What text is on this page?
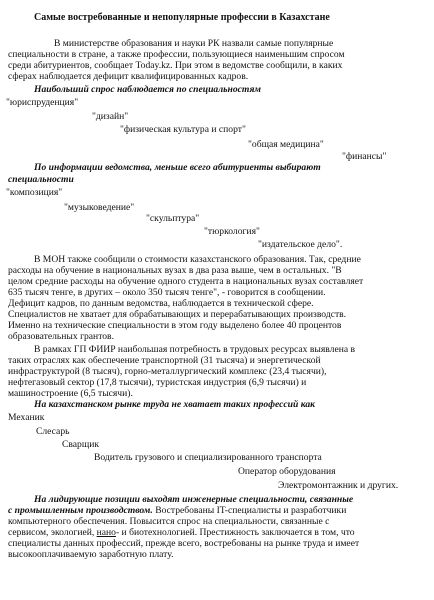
Самые востребованные и непопулярные профессии в Казахстане
В министерстве образования и науки РК назвали самые популярные
специальности в стране, а также профессии, пользующиеся наименьшим спросом
среди абитуриентов, сообщает Today.kz. При этом в ведомстве сообщили, в каких
сферах наблюдается дефицит квалифицированных кадров.
Наибольший спрос наблюдается по специальностям
"юриспруденция"
"дизайн"
"физическая культура и спорт"
"общая медицина"
"финансы"
По информации ведомства, меньше всего абитуриенты выбирают
специальности
"композиция"
"музыковедение"
"скульптура"
"тюркология"
"издательское дело".
В МОН также сообщили о стоимости казахстанского образования. Так, средние
расходы на обучение в национальных вузах в два раза выше, чем в остальных. "В
целом средние расходы на обучение одного студента в национальных вузах составляет
635 тысяч тенге, в других – около 350 тысяч тенге", - говорится в сообщении.
Дефицит кадров, по данным ведомства, наблюдается в технической сфере.
Специалистов не хватает для обрабатывающих и перерабатывающих производств.
Именно на технические специальности в этом году выделено более 40 процентов
образовательных грантов.
В рамках ГП ФИИР наибольшая потребность в трудовых ресурсах выявлена в
таких отраслях как обеспечение транспортной (31 тысяча) и энергетической
инфраструктурой (8 тысяч), горно-металлургический комплекс (23,4 тысячи),
нефтегазовый сектор (17,8 тысячи), туристская индустрия (6,9 тысячи) и
машиностроение (6,5 тысячи).
На казахстанском рынке труда не хватает таких профессий как
Механик
Слесарь
Сварщик
Водитель грузового и специализированного транспорта
Оператор оборудования
Электромонтажник и других.
На лидирующие позиции выходят инженерные специальности, связанные
с промышленным производством. Востребованы IT-специалисты и разработчики
компьютерного обеспечения. Повысится спрос на специальности, связанные с
сервисом, экологией, нано- и биотехнологией. Престижность заключается в том, что
специалисты данных профессий, прежде всего, востребованы на рынке труда и имеет
высокооплачиваемую заработную плату.
